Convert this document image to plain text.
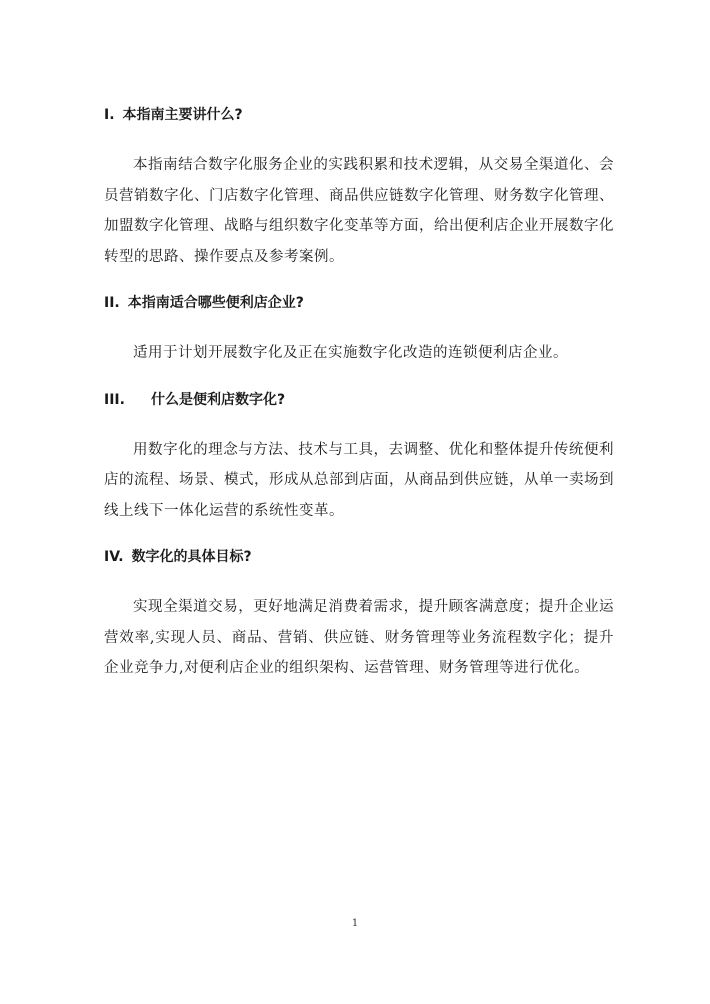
I. 本指南主要讲什么?

本指南结合数字化服务企业的实践积累和技术逻辑，从交易全渠道化、会员营销数字化、门店数字化管理、商品供应链数字化管理、财务数字化管理、加盟数字化管理、战略与组织数字化变革等方面，给出便利店企业开展数字化转型的思路、操作要点及参考案例。

II. 本指南适合哪些便利店企业?

适用于计划开展数字化及正在实施数字化改造的连锁便利店企业。

III. 什么是便利店数字化?

用数字化的理念与方法、技术与工具，去调整、优化和整体提升传统便利店的流程、场景、模式，形成从总部到店面，从商品到供应链，从单一卖场到线上线下一体化运营的系统性变革。

IV. 数字化的具体目标?

实现全渠道交易，更好地满足消费着需求，提升顾客满意度；提升企业运营效率,实现人员、商品、营销、供应链、财务管理等业务流程数字化；提升企业竞争力,对便利店企业的组织架构、运营管理、财务管理等进行优化。

1
